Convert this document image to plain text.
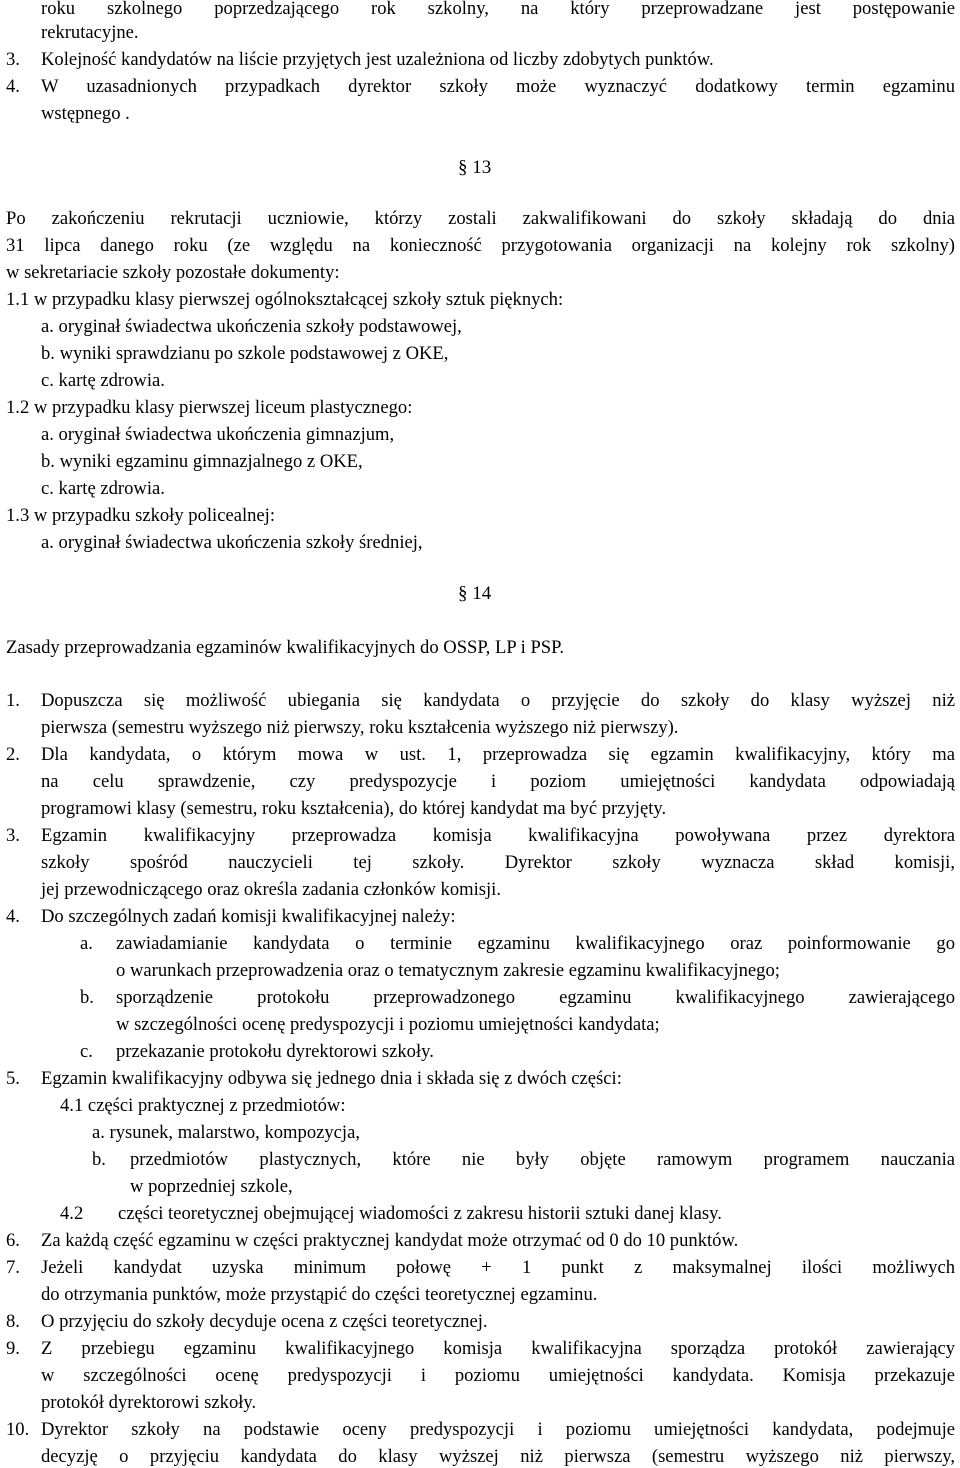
roku szkolnego poprzedzającego rok szkolny, na który przeprowadzane jest postępowanie
rekrutacyjne.
3. Kolejność kandydatów na liście przyjętych jest uzależniona od liczby zdobytych punktów.
4. W uzasadnionych przypadkach dyrektor szkoły może wyznaczyć dodatkowy termin egzaminu
wstępnego .
§ 13
Po zakończeniu rekrutacji uczniowie, którzy zostali zakwalifikowani do szkoły składają do dnia
31 lipca danego roku (ze względu na konieczność przygotowania organizacji na kolejny rok szkolny)
w sekretariacie szkoły pozostałe dokumenty:
1.1 w przypadku klasy pierwszej ogólnokształcącej szkoły sztuk pięknych:
a. oryginał świadectwa ukończenia szkoły podstawowej,
b. wyniki sprawdzianu po szkole podstawowej z OKE,
c. kartę zdrowia.
1.2 w przypadku klasy pierwszej liceum plastycznego:
a. oryginał świadectwa ukończenia gimnazjum,
b. wyniki egzaminu gimnazjalnego z OKE,
c. kartę zdrowia.
1.3 w przypadku szkoły policealnej:
a. oryginał świadectwa ukończenia szkoły średniej,
§ 14
Zasady przeprowadzania egzaminów kwalifikacyjnych do OSSP, LP i PSP.
1. Dopuszcza się możliwość ubiegania się kandydata o przyjęcie do szkoły do klasy wyższej niż
pierwsza (semestru wyższego niż pierwszy, roku kształcenia wyższego niż pierwszy).
2. Dla kandydata, o którym mowa w ust. 1, przeprowadza się egzamin kwalifikacyjny, który ma
na celu sprawdzenie, czy predyspozycje i poziom umiejętności kandydata odpowiadają
programowi klasy (semestru, roku kształcenia), do której kandydat ma być przyjęty.
3. Egzamin kwalifikacyjny przeprowadza komisja kwalifikacyjna powoływana przez dyrektora
szkoły spośród nauczycieli tej szkoły. Dyrektor szkoły wyznacza skład komisji,
jej przewodniczącego oraz określa zadania członków komisji.
4. Do szczególnych zadań komisji kwalifikacyjnej należy:
a. zawiadamianie kandydata o terminie egzaminu kwalifikacyjnego oraz poinformowanie go
o warunkach przeprowadzenia oraz o tematycznym zakresie egzaminu kwalifikacyjnego;
b. sporządzenie protokołu przeprowadzonego egzaminu kwalifikacyjnego zawierającego
w szczególności ocenę predyspozycji i poziomu umiejętności kandydata;
c. przekazanie protokołu dyrektorowi szkoły.
5. Egzamin kwalifikacyjny odbywa się jednego dnia i składa się z dwóch części:
4.1 części praktycznej z przedmiotów:
a. rysunek, malarstwo, kompozycja,
b. przedmiotów plastycznych, które nie były objęte ramowym programem nauczania
w poprzedniej szkole,
4.2 części teoretycznej obejmującej wiadomości z zakresu historii sztuki danej klasy.
6. Za każdą część egzaminu w części praktycznej kandydat może otrzymać od 0 do 10 punktów.
7. Jeżeli kandydat uzyska minimum połowę + 1 punkt z maksymalnej ilości możliwych
do otrzymania punktów, może przystąpić do części teoretycznej egzaminu.
8. O przyjęciu do szkoły decyduje ocena z części teoretycznej.
9. Z przebiegu egzaminu kwalifikacyjnego komisja kwalifikacyjna sporządza protokół zawierający
w szczególności ocenę predyspozycji i poziomu umiejętności kandydata. Komisja przekazuje
protokół dyrektorowi szkoły.
10. Dyrektor szkoły na podstawie oceny predyspozycji i poziomu umiejętności kandydata, podejmuje
decyzję o przyjęciu kandydata do klasy wyższej niż pierwsza (semestru wyższego niż pierwszy,
